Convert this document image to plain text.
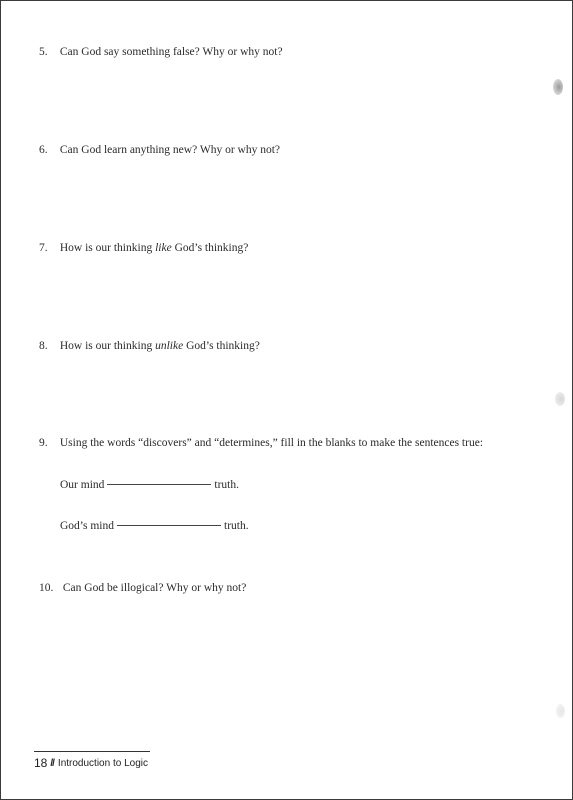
5. Can God say something false? Why or why not?
6. Can God learn anything new? Why or why not?
7. How is our thinking like God’s thinking?
8. How is our thinking unlike God’s thinking?
9. Using the words “discovers” and “determines,” fill in the blanks to make the sentences true:
Our mind	truth.
God’s mind	truth.
10. Can God be illogical? Why or why not?
18 // Introduction to Logic
